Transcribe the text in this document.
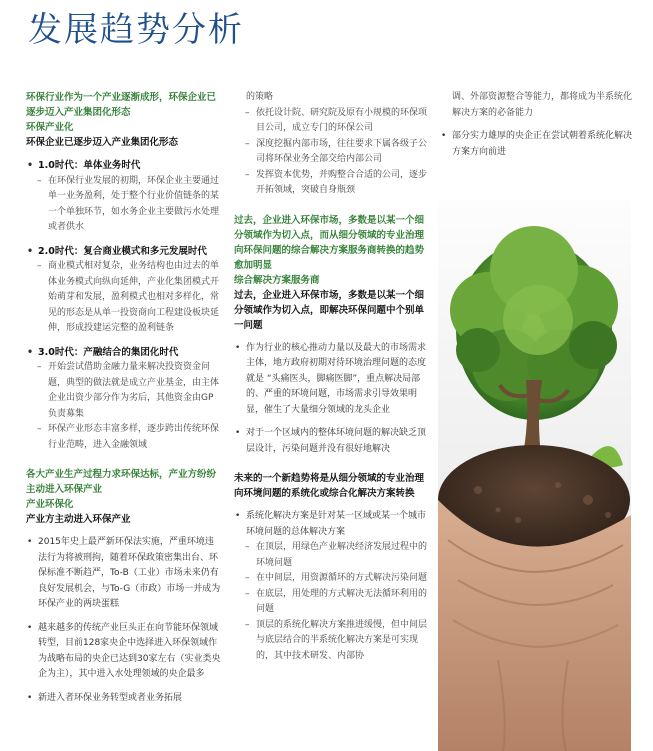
发展趋势分析
环保行业作为一个产业逐渐成形，环保企业已逐步迈入产业集团化形态
环保产业化
环保企业已逐步迈入产业集团化形态
• 1.0时代：单体业务时代
– 在环保行业发展的初期，环保企业主要通过单一业务盈利，处于整个行业价值链条的某一个单独环节，如水务企业主要做污水处理或者供水
• 2.0时代：复合商业模式和多元发展时代
– 商业模式相对复杂，业务结构也由过去的单体业务模式向纵向延伸，产业化集团模式开始萌芽和发展，盈利模式也相对多样化，常见的形态是从单一投资商向工程建设板块延伸，形成投建运完整的盈利链条
• 3.0时代：产融结合的集团化时代
– 开始尝试借助金融力量来解决投资资金问题，典型的做法就是成立产业基金，由主体企业出资少部分作为劣后，其他资金由GP负责募集
– 环保产业形态丰富多样，逐步跨出传统环保行业范畴，进入金融领域
各大产业生产过程力求环保达标，产业方纷纷主动进入环保产业
产业环保化
产业方主动进入环保产业
• 2015年史上最严新环保法实施，严重环境违法行为将被刑拘，随着环保政策密集出台、环保标准不断趋严，To-B（工业）市场未来仍有良好发展机会，与To-G（市政）市场一并成为环保产业的两块蛋糕
• 越来越多的传统产业巨头正在向节能环保领域转型，目前128家央企中选择进入环保领域作为战略布局的央企已达到30家左右（实业类央企为主），其中进入水处理领域的央企最多
• 新进入者环保业务转型或者业务拓展
的策略
– 依托设计院、研究院及原有小规模的环保项目公司，成立专门的环保公司
– 深度挖掘内部市场，往往要求下属各级子公司将环保业务全部交给内部公司
– 发挥资本优势，并购整合合适的公司，逐步开拓领域，突破自身瓶颈
过去，企业进入环保市场，多数是以某一个细分领域作为切入点，而从细分领域的专业治理向环保问题的综合解决方案服务商转换的趋势愈加明显
综合解决方案服务商
过去，企业进入环保市场，多数是以某一个细分领域作为切入点，即解决环保问题中个别单一问题
• 作为行业的核心推动力量以及最大的市场需求主体，地方政府初期对待环境治理问题的态度就是 “头痛医头，脚痛医脚”，重点解决局部的、严重的环境问题，市场需求引导效果明显，催生了大量细分领域的龙头企业
• 对于一个区域内的整体环境问题的解决缺乏顶层设计，污染问题并没有很好地解决
未来的一个新趋势将是从细分领域的专业治理向环境问题的系统化或综合化解决方案转换
• 系统化解决方案是针对某一区域或某一个城市环境问题的总体解决方案
– 在顶层，用绿色产业解决经济发展过程中的环境问题
– 在中间层，用资源循环的方式解决污染问题
– 在底层，用处理的方式解决无法循环利用的问题
– 顶层的系统化解决方案推进缓慢，但中间层与底层结合的半系统化解决方案是可实现的，其中技术研发、内部协
调、外部资源整合等能力，都将成为半系统化解决方案的必备能力
• 部分实力雄厚的央企正在尝试朝着系统化解决方案方向前进
